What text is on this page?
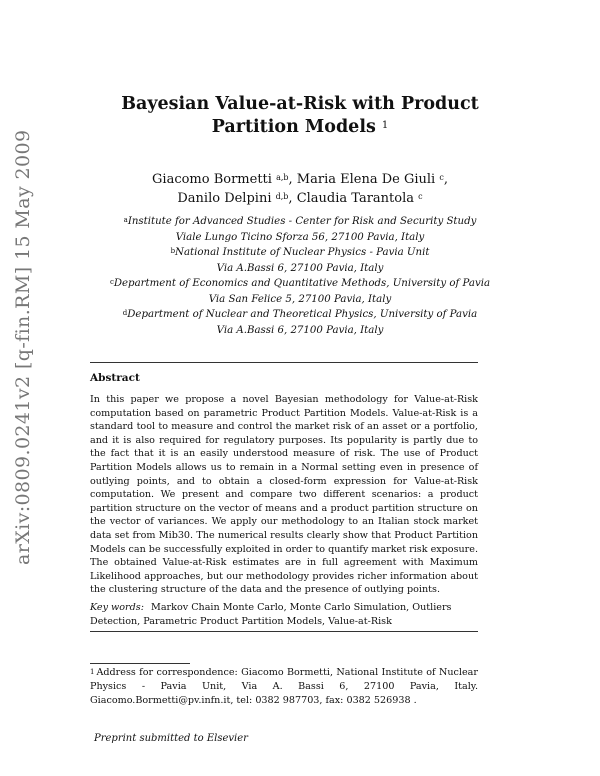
arXiv:0809.0241v2 [q-fin.RM] 15 May 2009
Bayesian Value-at-Risk with Product
Partition Models $^1$
Giacomo Bormetti $^{a,b}$, Maria Elena De Giuli $^c$,
Danilo Delpini $^{d,b}$, Claudia Tarantola $^c$
$^a$Institute for Advanced Studies - Center for Risk and Security Study
Viale Lungo Ticino Sforza 56, 27100 Pavia, Italy
$^b$National Institute of Nuclear Physics - Pavia Unit
Via A.Bassi 6, 27100 Pavia, Italy
$^c$Department of Economics and Quantitative Methods, University of Pavia
Via San Felice 5, 27100 Pavia, Italy
$^d$Department of Nuclear and Theoretical Physics, University of Pavia
Via A.Bassi 6, 27100 Pavia, Italy
Abstract
In this paper we propose a novel Bayesian methodology for Value-at-Risk computation based on parametric Product Partition Models. Value-at-Risk is a standard tool to measure and control the market risk of an asset or a portfolio, and it is also required for regulatory purposes. Its popularity is partly due to the fact that it is an easily understood measure of risk. The use of Product Partition Models allows us to remain in a Normal setting even in presence of outlying points, and to obtain a closed-form expression for Value-at-Risk computation. We present and compare two different scenarios: a product partition structure on the vector of means and a product partition structure on the vector of variances. We apply our methodology to an Italian stock market data set from Mib30. The numerical results clearly show that Product Partition Models can be successfully exploited in order to quantify market risk exposure. The obtained Value-at-Risk estimates are in full agreement with Maximum Likelihood approaches, but our methodology provides richer information about the clustering structure of the data and the presence of outlying points.
Key words: Markov Chain Monte Carlo, Monte Carlo Simulation, Outliers Detection, Parametric Product Partition Models, Value-at-Risk
$^1$ Address for correspondence: Giacomo Bormetti, National Institute of Nuclear Physics - Pavia Unit, Via A. Bassi 6, 27100 Pavia, Italy. Giacomo.Bormetti@pv.infn.it, tel: 0382 987703, fax: 0382 526938 .
Preprint submitted to Elsevier
